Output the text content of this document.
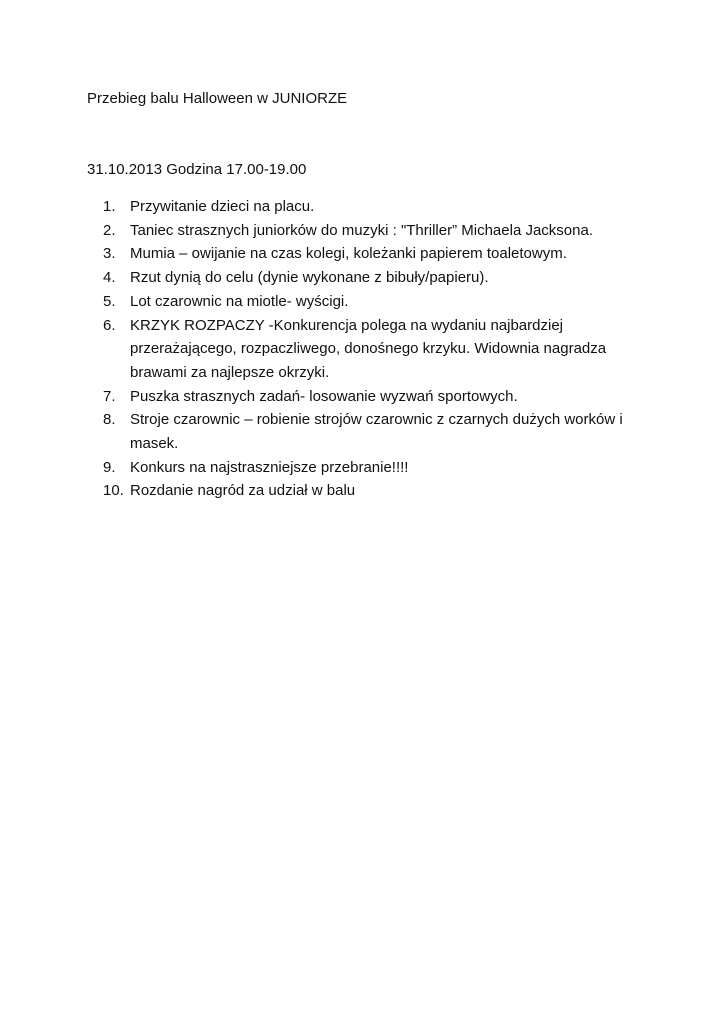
Przebieg balu Halloween w JUNIORZE
31.10.2013 Godzina 17.00-19.00
1. Przywitanie dzieci na placu.
2. Taniec strasznych juniorków do muzyki : "Thriller” Michaela Jacksona.
3. Mumia – owijanie na czas kolegi, koleżanki papierem toaletowym.
4. Rzut dynią do celu (dynie wykonane z bibuły/papieru).
5. Lot czarownic na miotle- wyścigi.
6. KRZYK ROZPACZY -Konkurencja polega na wydaniu najbardziej przerażającego, rozpaczliwego, donośnego krzyku. Widownia nagradza brawami za najlepsze okrzyki.
7. Puszka strasznych zadań- losowanie wyzwań sportowych.
8. Stroje czarownic – robienie strojów czarownic z czarnych dużych worków i masek.
9. Konkurs na najstraszniejsze przebranie!!!!
10. Rozdanie nagród za udział w balu
